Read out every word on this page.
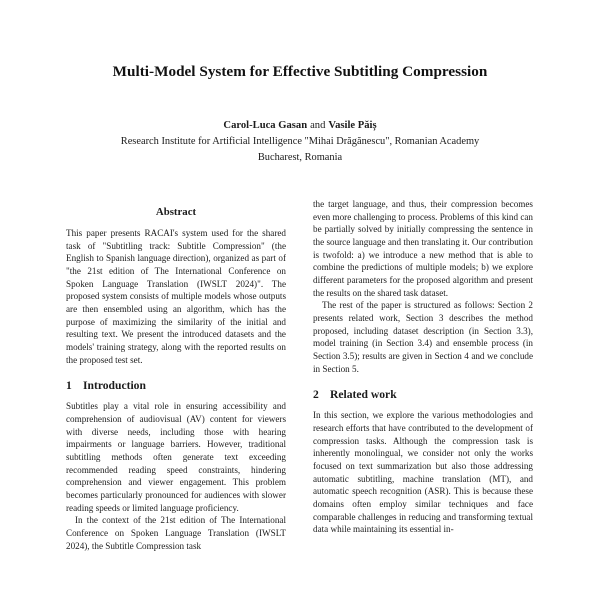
Multi-Model System for Effective Subtitling Compression
Carol-Luca Gasan and Vasile Păiș
Research Institute for Artificial Intelligence "Mihai Drăgănescu", Romanian Academy
Bucharest, Romania
Abstract

This paper presents RACAI's system used for the shared task of "Subtitling track: Subtitle Compression" (the English to Spanish language direction), organized as part of "the 21st edition of The International Conference on Spoken Language Translation (IWSLT 2024)". The proposed system consists of multiple models whose outputs are then ensembled using an algorithm, which has the purpose of maximizing the similarity of the initial and resulting text. We present the introduced datasets and the models' training strategy, along with the reported results on the proposed test set.

1 Introduction

Subtitles play a vital role in ensuring accessibility and comprehension of audiovisual (AV) content for viewers with diverse needs, including those with hearing impairments or language barriers. However, traditional subtitling methods often generate text exceeding recommended reading speed constraints, hindering comprehension and viewer engagement. This problem becomes particularly pronounced for audiences with slower reading speeds or limited language proficiency.

In the context of the 21st edition of The International Conference on Spoken Language Translation (IWSLT 2024), the Subtitle Compression task

the target language, and thus, their compression becomes even more challenging to process. Problems of this kind can be partially solved by initially compressing the sentence in the source language and then translating it. Our contribution is twofold: a) we introduce a new method that is able to combine the predictions of multiple models; b) we explore different parameters for the proposed algorithm and present the results on the shared task dataset.

The rest of the paper is structured as follows: Section 2 presents related work, Section 3 describes the method proposed, including dataset description (in Section 3.3), model training (in Section 3.4) and ensemble process (in Section 3.5); results are given in Section 4 and we conclude in Section 5.

2 Related work

In this section, we explore the various methodologies and research efforts that have contributed to the development of compression tasks. Although the compression task is inherently monolingual, we consider not only the works focused on text summarization but also those addressing automatic subtitling, machine translation (MT), and automatic speech recognition (ASR). This is because these domains often employ similar techniques and face comparable challenges in reducing and transforming textual data while maintaining its essential in-
